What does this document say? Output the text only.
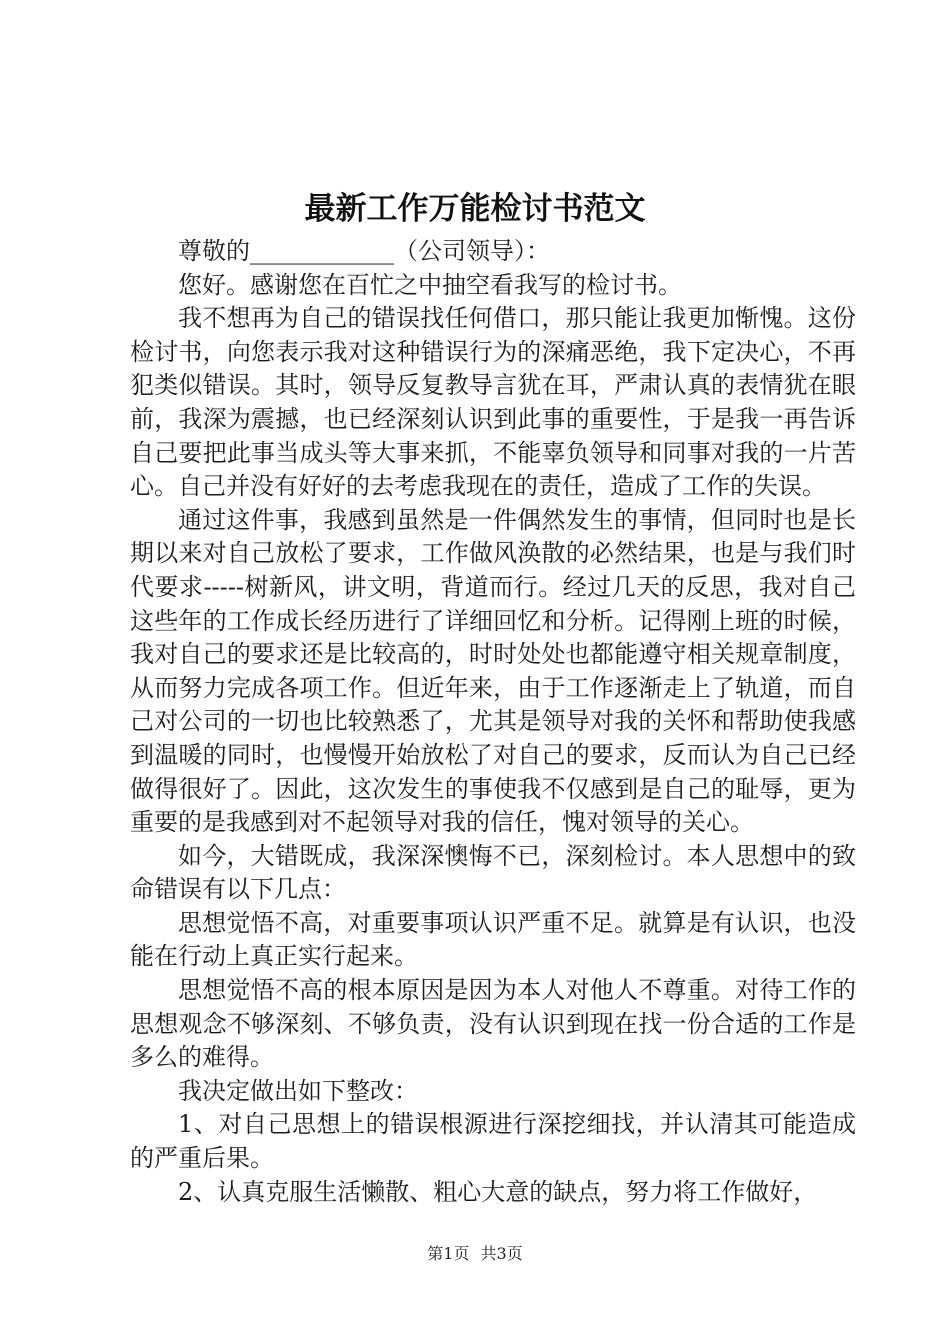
最新工作万能检讨书范文

尊敬的____________（公司领导）：

您好。感谢您在百忙之中抽空看我写的检讨书。

我不想再为自己的错误找任何借口，那只能让我更加惭愧。这份检讨书，向您表示我对这种错误行为的深痛恶绝，我下定决心，不再犯类似错误。其时，领导反复教导言犹在耳，严肃认真的表情犹在眼前，我深为震撼，也已经深刻认识到此事的重要性，于是我一再告诉自己要把此事当成头等大事来抓，不能辜负领导和同事对我的一片苦心。自己并没有好好的去考虑我现在的责任，造成了工作的失误。

通过这件事，我感到虽然是一件偶然发生的事情，但同时也是长期以来对自己放松了要求，工作做风涣散的必然结果，也是与我们时代要求-----树新风，讲文明，背道而行。经过几天的反思，我对自己这些年的工作成长经历进行了详细回忆和分析。记得刚上班的时候，我对自己的要求还是比较高的，时时处处也都能遵守相关规章制度，从而努力完成各项工作。但近年来，由于工作逐渐走上了轨道，而自己对公司的一切也比较熟悉了，尤其是领导对我的关怀和帮助使我感到温暖的同时，也慢慢开始放松了对自己的要求，反而认为自己已经做得很好了。因此，这次发生的事使我不仅感到是自己的耻辱，更为重要的是我感到对不起领导对我的信任，愧对领导的关心。

如今，大错既成，我深深懊悔不已，深刻检讨。本人思想中的致命错误有以下几点：

思想觉悟不高，对重要事项认识严重不足。就算是有认识，也没能在行动上真正实行起来。

思想觉悟不高的根本原因是因为本人对他人不尊重。对待工作的思想观念不够深刻、不够负责，没有认识到现在找一份合适的工作是多么的难得。

我决定做出如下整改：

1、对自己思想上的错误根源进行深挖细找，并认清其可能造成的严重后果。

2、认真克服生活懒散、粗心大意的缺点，努力将工作做好，

第1页 共3页
